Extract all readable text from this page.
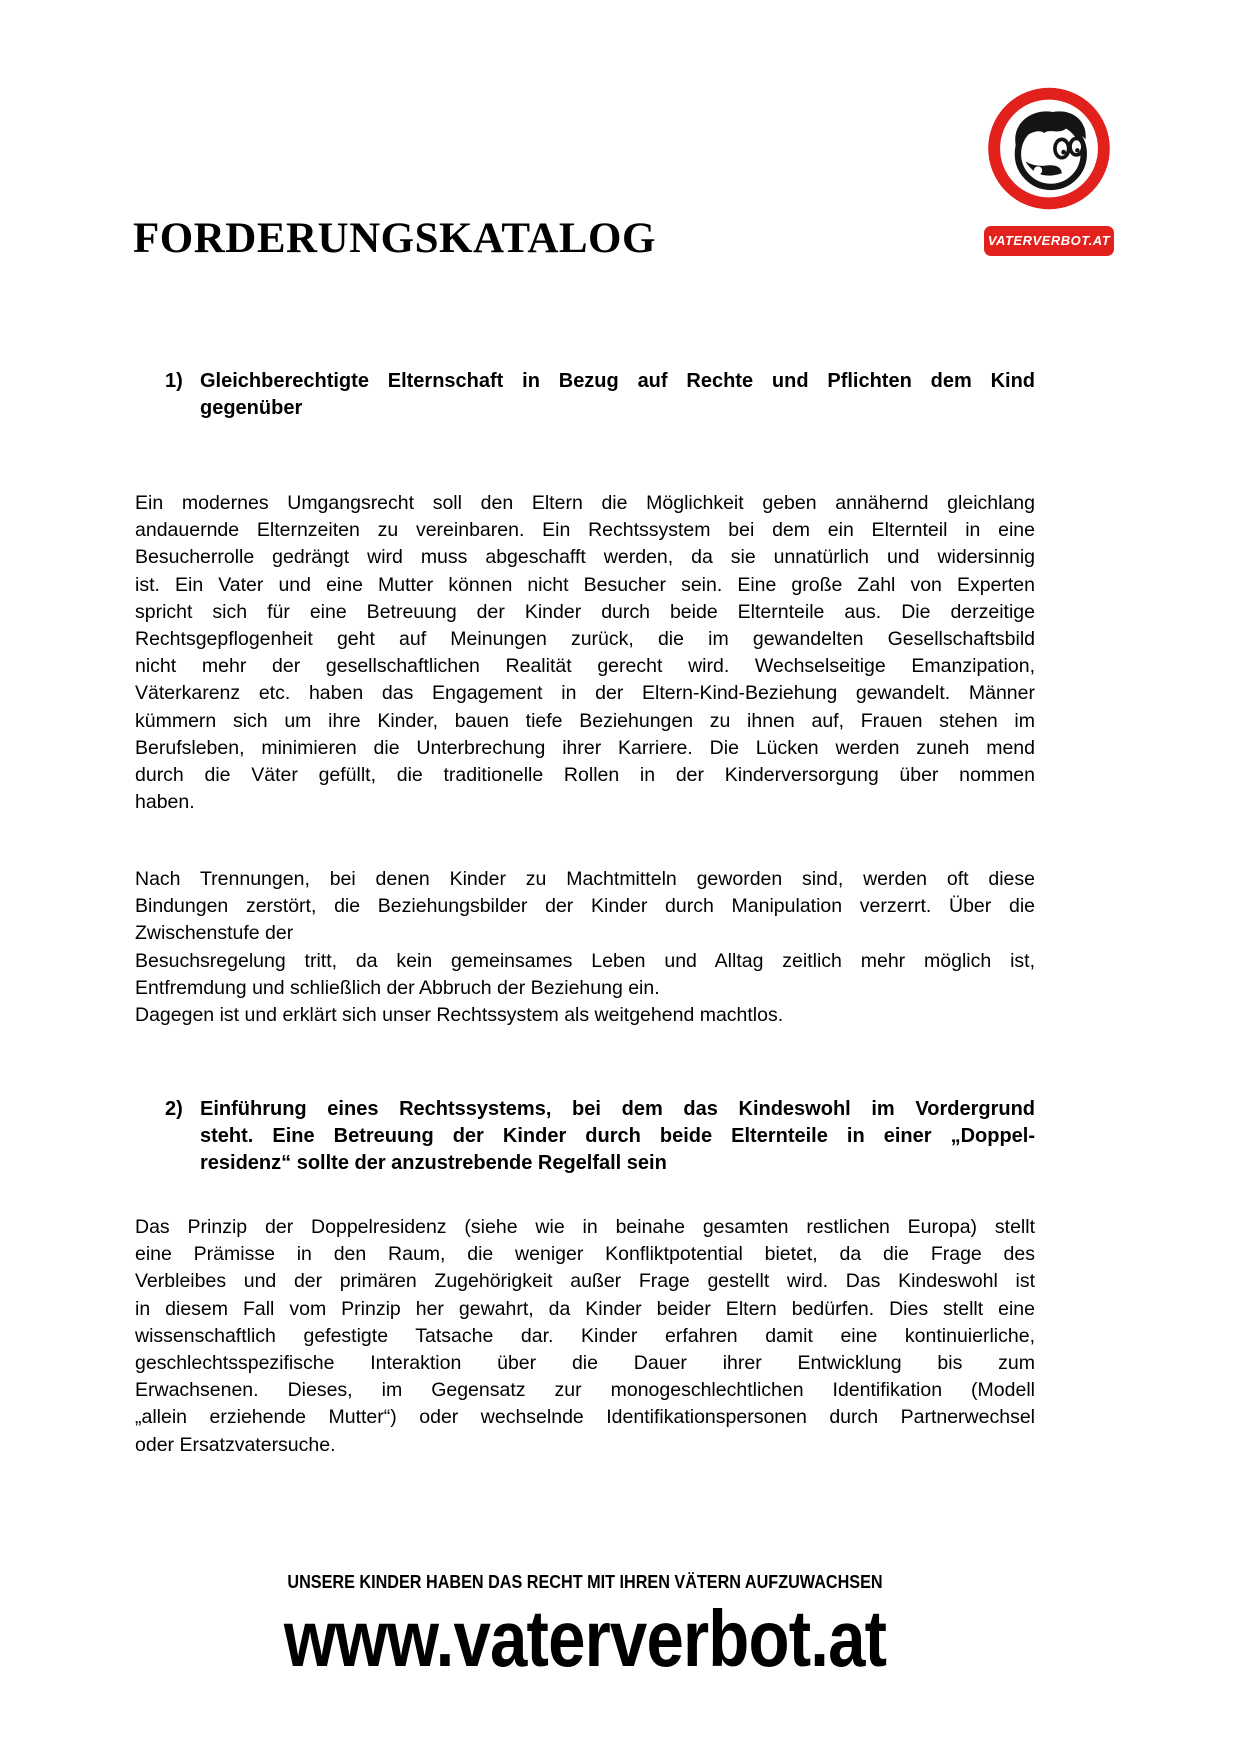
FORDERUNGSKATALOG	VATERVERBOT.AT
1) Gleichberechtigte Elternschaft in Bezug auf Rechte und Pflichten dem Kind
gegenüber
Ein modernes Umgangsrecht soll den Eltern die Möglichkeit geben annähernd gleichlang
andauernde Elternzeiten zu vereinbaren. Ein Rechtssystem bei dem ein Elternteil in eine
Besucherrolle gedrängt wird muss abgeschafft werden, da sie unnatürlich und widersinnig
ist. Ein Vater und eine Mutter können nicht Besucher sein. Eine große Zahl von Experten
spricht sich für eine Betreuung der Kinder durch beide Elternteile aus. Die derzeitige
Rechtsgepflogenheit geht auf Meinungen zurück, die im gewandelten Gesellschaftsbild
nicht mehr der gesellschaftlichen Realität gerecht wird. Wechselseitige Emanzipation,
Väterkarenz etc. haben das Engagement in der Eltern-Kind-Beziehung gewandelt. Männer
kümmern sich um ihre Kinder, bauen tiefe Beziehungen zu ihnen auf, Frauen stehen im
Berufsleben, minimieren die Unterbrechung ihrer Karriere. Die Lücken werden zuneh mend
durch die Väter gefüllt, die traditionelle Rollen in der Kinderversorgung über nommen
haben.
Nach Trennungen, bei denen Kinder zu Machtmitteln geworden sind, werden oft diese
Bindungen zerstört, die Beziehungsbilder der Kinder durch Manipulation verzerrt. Über die
Zwischenstufe der
Besuchsregelung tritt, da kein gemeinsames Leben und Alltag zeitlich mehr möglich ist,
Entfremdung und schließlich der Abbruch der Beziehung ein.
Dagegen ist und erklärt sich unser Rechtssystem als weitgehend machtlos.
2) Einführung eines Rechtssystems, bei dem das Kindeswohl im Vordergrund
steht. Eine Betreuung der Kinder durch beide Elternteile in einer „Doppel-
residenz“ sollte der anzustrebende Regelfall sein
Das Prinzip der Doppelresidenz (siehe wie in beinahe gesamten restlichen Europa) stellt
eine Prämisse in den Raum, die weniger Konfliktpotential bietet, da die Frage des
Verbleibes und der primären Zugehörigkeit außer Frage gestellt wird. Das Kindeswohl ist
in diesem Fall vom Prinzip her gewahrt, da Kinder beider Eltern bedürfen. Dies stellt eine
wissenschaftlich gefestigte Tatsache dar. Kinder erfahren damit eine kontinuierliche,
geschlechtsspezifische Interaktion über die Dauer ihrer Entwicklung bis zum
Erwachsenen. Dieses, im Gegensatz zur monogeschlechtlichen Identifikation (Modell
„allein erziehende Mutter“) oder wechselnde Identifikationspersonen durch Partnerwechsel
oder Ersatzvatersuche.
UNSERE KINDER HABEN DAS RECHT MIT IHREN VÄTERN AUFZUWACHSEN
www.vaterverbot.at
